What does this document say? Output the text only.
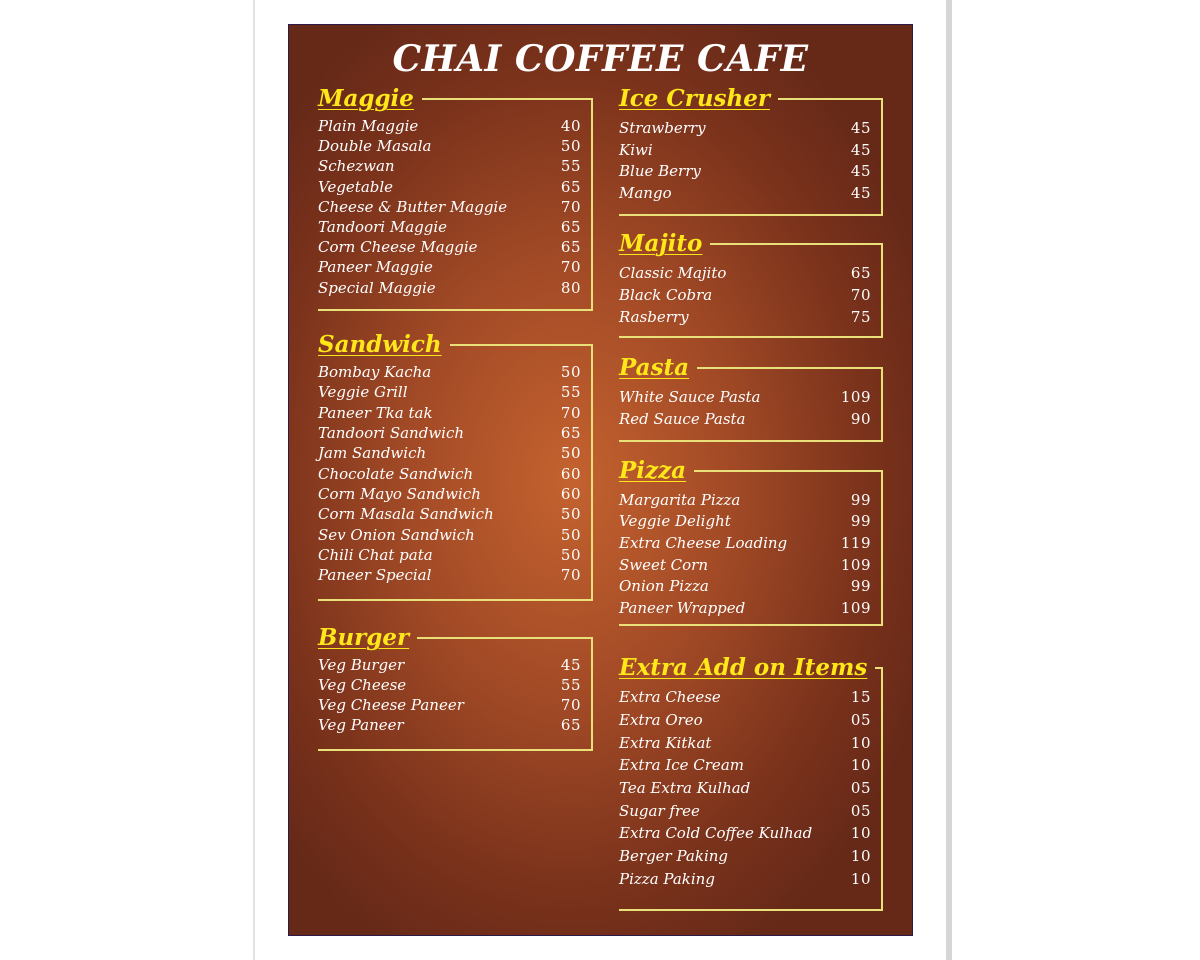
CHAI COFFEE CAFE
Maggie
Plain Maggie	40
Double Masala	50
Schezwan	55
Vegetable	65
Cheese & Butter Maggie	70
Tandoori Maggie	65
Corn Cheese Maggie	65
Paneer Maggie	70
Special Maggie	80
Sandwich
Bombay Kacha	50
Veggie Grill	55
Paneer Tka tak	70
Tandoori Sandwich	65
Jam Sandwich	50
Chocolate Sandwich	60
Corn Mayo Sandwich	60
Corn Masala Sandwich	50
Sev Onion Sandwich	50
Chili Chat pata	50
Paneer Special	70
Burger
Veg Burger	45
Veg Cheese	55
Veg Cheese Paneer	70
Veg Paneer	65
Ice Crusher
Strawberry	45
Kiwi	45
Blue Berry	45
Mango	45
Majito
Classic Majito	65
Black Cobra	70
Rasberry	75
Pasta
White Sauce Pasta	109
Red Sauce Pasta	90
Pizza
Margarita Pizza	99
Veggie Delight	99
Extra Cheese Loading	119
Sweet Corn	109
Onion Pizza	99
Paneer Wrapped	109
Extra Add on Items
Extra Cheese	15
Extra Oreo	05
Extra Kitkat	10
Extra Ice Cream	10
Tea Extra Kulhad	05
Sugar free	05
Extra Cold Coffee Kulhad	10
Berger Paking	10
Pizza Paking	10
